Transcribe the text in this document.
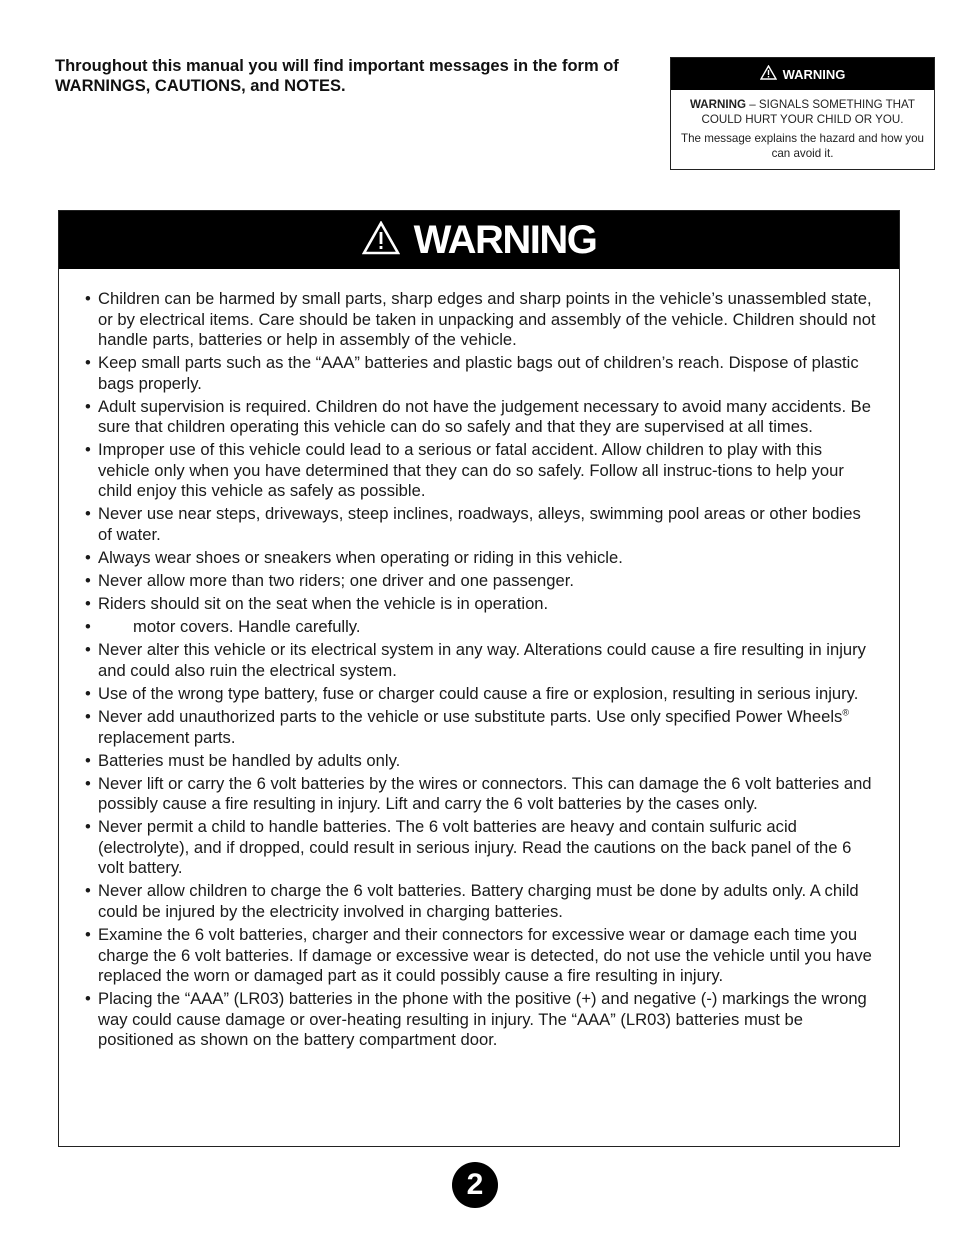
Throughout this manual you will find important messages in the form of WARNINGS, CAUTIONS, and NOTES.
WARNING

WARNING – SIGNALS SOMETHING THAT COULD HURT YOUR CHILD OR YOU.

The message explains the hazard and how you can avoid it.

WARNING
• Children can be harmed by small parts, sharp edges and sharp points in the vehicle’s unassembled state, or by electrical items. Care should be taken in unpacking and assembly of the vehicle. Children should not handle parts, batteries or help in assembly of the vehicle.
• Keep small parts such as the “AAA” batteries and plastic bags out of children’s reach. Dispose of plastic bags properly.
• Adult supervision is required. Children do not have the judgement necessary to avoid many accidents. Be sure that children operating this vehicle can do so safely and that they are supervised at all times.
• Improper use of this vehicle could lead to a serious or fatal accident. Allow children to play with this vehicle only when you have determined that they can do so safely. Follow all instruc-tions to help your child enjoy this vehicle as safely as possible.
• Never use near steps, driveways, steep inclines, roadways, alleys, swimming pool areas or other bodies of water.
• Always wear shoes or sneakers when operating or riding in this vehicle.
• Never allow more than two riders; one driver and one passenger.
• Riders should sit on the seat when the vehicle is in operation.
• motor covers. Handle carefully.
• Never alter this vehicle or its electrical system in any way. Alterations could cause a fire resulting in injury and could also ruin the electrical system.
• Use of the wrong type battery, fuse or charger could cause a fire or explosion, resulting in serious injury.
• Never add unauthorized parts to the vehicle or use substitute parts. Use only specified Power Wheels® replacement parts.
• Batteries must be handled by adults only.
• Never lift or carry the 6 volt batteries by the wires or connectors. This can damage the 6 volt batteries and possibly cause a fire resulting in injury. Lift and carry the 6 volt batteries by the cases only.
• Never permit a child to handle batteries. The 6 volt batteries are heavy and contain sulfuric acid (electrolyte), and if dropped, could result in serious injury. Read the cautions on the back panel of the 6 volt battery.
• Never allow children to charge the 6 volt batteries. Battery charging must be done by adults only. A child could be injured by the electricity involved in charging batteries.
• Examine the 6 volt batteries, charger and their connectors for excessive wear or damage each time you charge the 6 volt batteries. If damage or excessive wear is detected, do not use the vehicle until you have replaced the worn or damaged part as it could possibly cause a fire resulting in injury.
• Placing the “AAA” (LR03) batteries in the phone with the positive (+) and negative (-) markings the wrong way could cause damage or over-heating resulting in injury. The “AAA” (LR03) batteries must be positioned as shown on the battery compartment door.
2
